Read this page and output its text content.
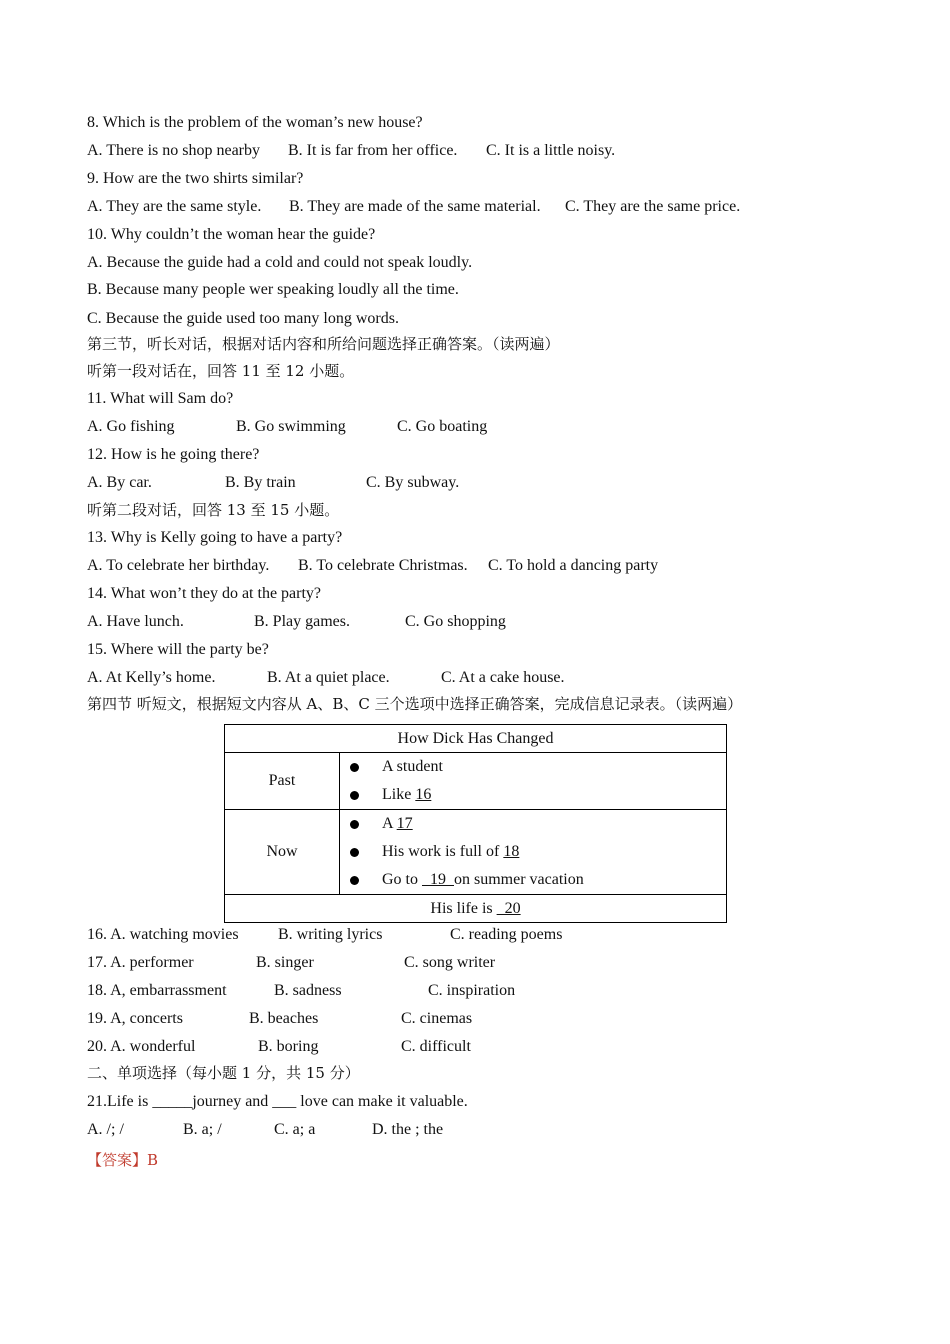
8. Which is the problem of the woman’s new house?
A. There is no shop nearby B. It is far from her office. C. It is a little noisy.
9. How are the two shirts similar?
A. They are the same style. B. They are made of the same material. C. They are the same price.
10. Why couldn’t the woman hear the guide?
A. Because the guide had a cold and could not speak loudly.
B. Because many people wer speaking loudly all the time.
C. Because the guide used too many long words.
第三节，听长对话，根据对话内容和所给问题选择正确答案。（读两遍）
听第一段对话在，回答 11 至 12 小题。
11. What will Sam do?
A. Go fishing	B. Go swimming	C. Go boating
12. How is he going there?
A. By car.	B. By train	C. By subway.
听第二段对话，回答 13 至 15 小题。
13. Why is Kelly going to have a party?
A. To celebrate her birthday. B. To celebrate Christmas. C. To hold a dancing party
14. What won’t they do at the party?
A. Have lunch.	B. Play games.	C. Go shopping
15. Where will the party be?
A. At Kelly’s home.	B. At a quiet place.	C. At a cake house.
第四节 听短文，根据短文内容从 A、B、C 三个选项中选择正确答案，完成信息记录表。（读两遍）
How Dick Has Changed	
Past	A student
Like 16

Now	A 17
His work is full of 18
Go to   19  on summer vacation

His life is   20	
16. A. watching movies B. writing lyrics	C. reading poems
17. A. performer	B. singer	C. song writer
18. A, embarrassment	B. sadness	C. inspiration
19. A, concerts	B. beaches	C. cinemas
20. A. wonderful	B. boring	C. difficult
二、单项选择（每小题 1 分，共 15 分）
21.Life is _____journey and ___ love can make it valuable.
A. /; /	B. a; /	C. a; a	D. the ; the
【答案】B
